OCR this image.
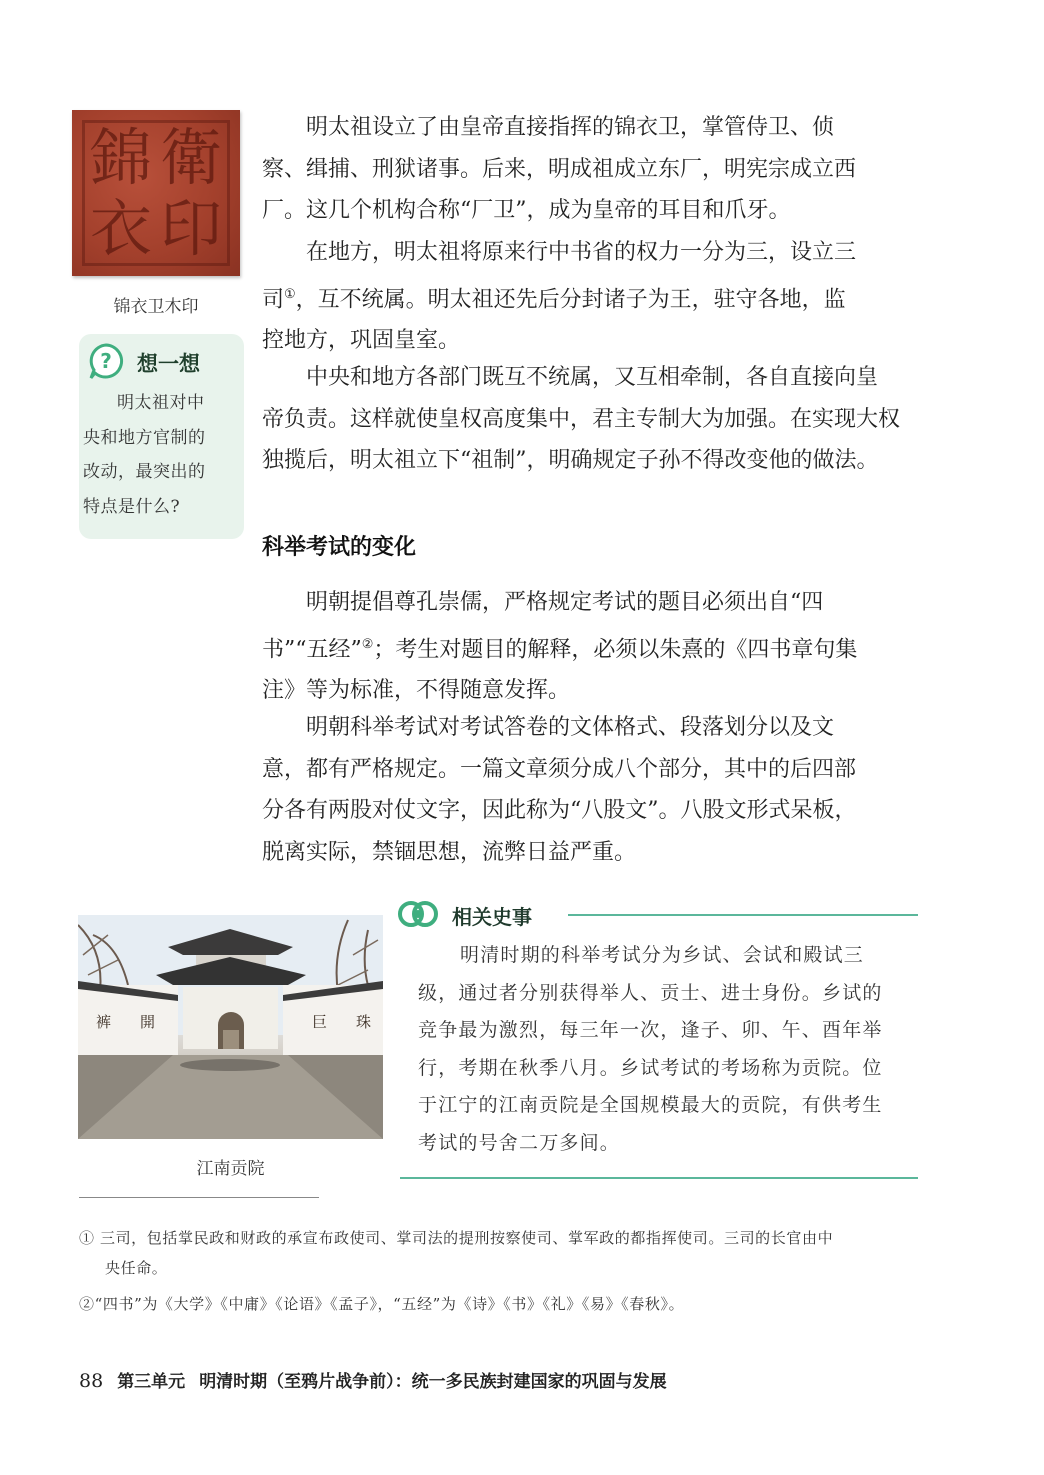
錦 衛
衣 印
锦衣卫木印
? 想一想
明太祖对中
央和地方官制的
改动，最突出的
特点是什么?
明太祖设立了由皇帝直接指挥的锦衣卫，掌管侍卫、侦
察、缉捕、刑狱诸事。后来，明成祖成立东厂，明宪宗成立西
厂。这几个机构合称“厂卫”，成为皇帝的耳目和爪牙。
在地方，明太祖将原来行中书省的权力一分为三，设立三
司①，互不统属。明太祖还先后分封诸子为王，驻守各地，监
控地方，巩固皇室。
中央和地方各部门既互不统属，又互相牵制，各自直接向皇
帝负责。这样就使皇权高度集中，君主专制大为加强。在实现大权
独揽后，明太祖立下“祖制”，明确规定子孙不得改变他的做法。
科举考试的变化
明朝提倡尊孔崇儒，严格规定考试的题目必须出自“四
书”“五经”②；考生对题目的解释，必须以朱熹的《四书章句集
注》等为标准，不得随意发挥。
明朝科举考试对考试答卷的文体格式、段落划分以及文
意，都有严格规定。一篇文章须分成八个部分，其中的后四部
分各有两股对仗文字，因此称为“八股文”。八股文形式呆板，
脱离实际，禁锢思想，流弊日益严重。
裤 開	巨 珠
江南贡院
相关史事
明清时期的科举考试分为乡试、会试和殿试三
级，通过者分别获得举人、贡士、进士身份。乡试的
竞争最为激烈，每三年一次，逢子、卯、午、酉年举
行，考期在秋季八月。乡试考试的考场称为贡院。位
于江宁的江南贡院是全国规模最大的贡院，有供考生
考试的号舍二万多间。
① 三司，包括掌民政和财政的承宣布政使司、掌司法的提刑按察使司、掌军政的都指挥使司。三司的长官由中
央任命。
②“四书”为《大学》《中庸》《论语》《孟子》，“五经”为《诗》《书》《礼》《易》《春秋》。
88 第三单元 明清时期（至鸦片战争前）：统一多民族封建国家的巩固与发展
